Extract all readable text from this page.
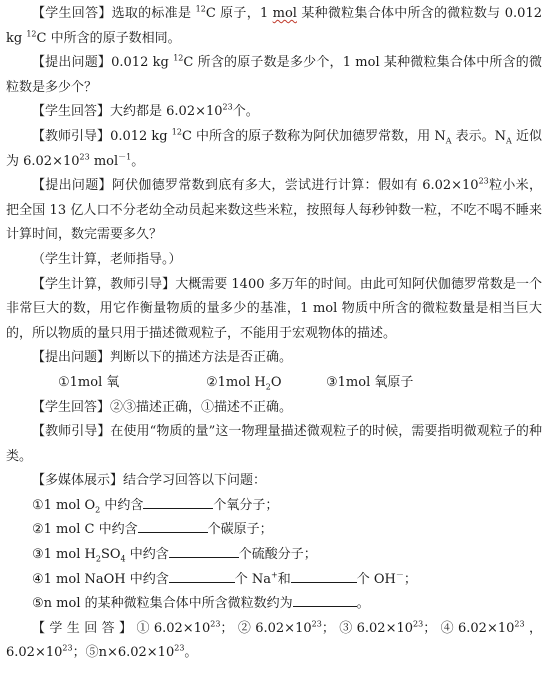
【学生回答】选取的标准是 $^{12}$C 原子，1 mol 某种微粒集合体中所含的微粒数与 0.012 kg $^{12}$C 中所含的原子数相同。

【提出问题】0.012 kg $^{12}$C 所含的原子数是多少个，1 mol 某种微粒集合体中所含的微粒数是多少个？

【学生回答】大约都是 $6.02\times 10^{23}$个。

【教师引导】0.012 kg $^{12}$C 中所含的原子数称为阿伏加德罗常数，用 $N_A$ 表示。$N_A$ 近似为 $6.02\times 10^{23}$ mol$^{-1}$。

【提出问题】阿伏伽德罗常数到底有多大，尝试进行计算：假如有 $6.02\times 10^{23}$粒小米，把全国 13 亿人口不分老幼全动员起来数这些米粒，按照每人每秒钟数一粒，不吃不喝不睡来计算时间，数完需要多久？

（学生计算，老师指导。）

【学生计算，教师引导】大概需要 1400 多万年的时间。由此可知阿伏伽德罗常数是一个非常巨大的数，用它作衡量物质的量多少的基准，1 mol 物质中所含的微粒数量是相当巨大的，所以物质的量只用于描述微观粒子，不能用于宏观物体的描述。

【提出问题】判断以下的描述方法是否正确。

①1mol 氧	②1mol $H_2O$	③1mol 氧原子

【学生回答】②③描述正确，①描述不正确。

【教师引导】在使用“物质的量”这一物理量描述微观粒子的时候，需要指明微观粒子的种类。

【多媒体展示】结合学习回答以下问题：

①1 mol $O_2$ 中约含	个氧分子；

②1 mol C 中约含	个碳原子；

③1 mol $H_2SO_4$ 中约含	个硫酸分子；

④1 mol NaOH 中约含	个 Na+和	个 OH－；

⑤n mol 的某种微粒集合体中所含微粒数约为	。

【学生回答】$①6.02\times 10^{23}$；$②6.02\times 10^{23}$；$③6.02\times 10^{23}$；$④6.02\times 10^{23}$，$6.02\times 10^{23}$；$⑤n\times 6.02\times 10^{23}$。
